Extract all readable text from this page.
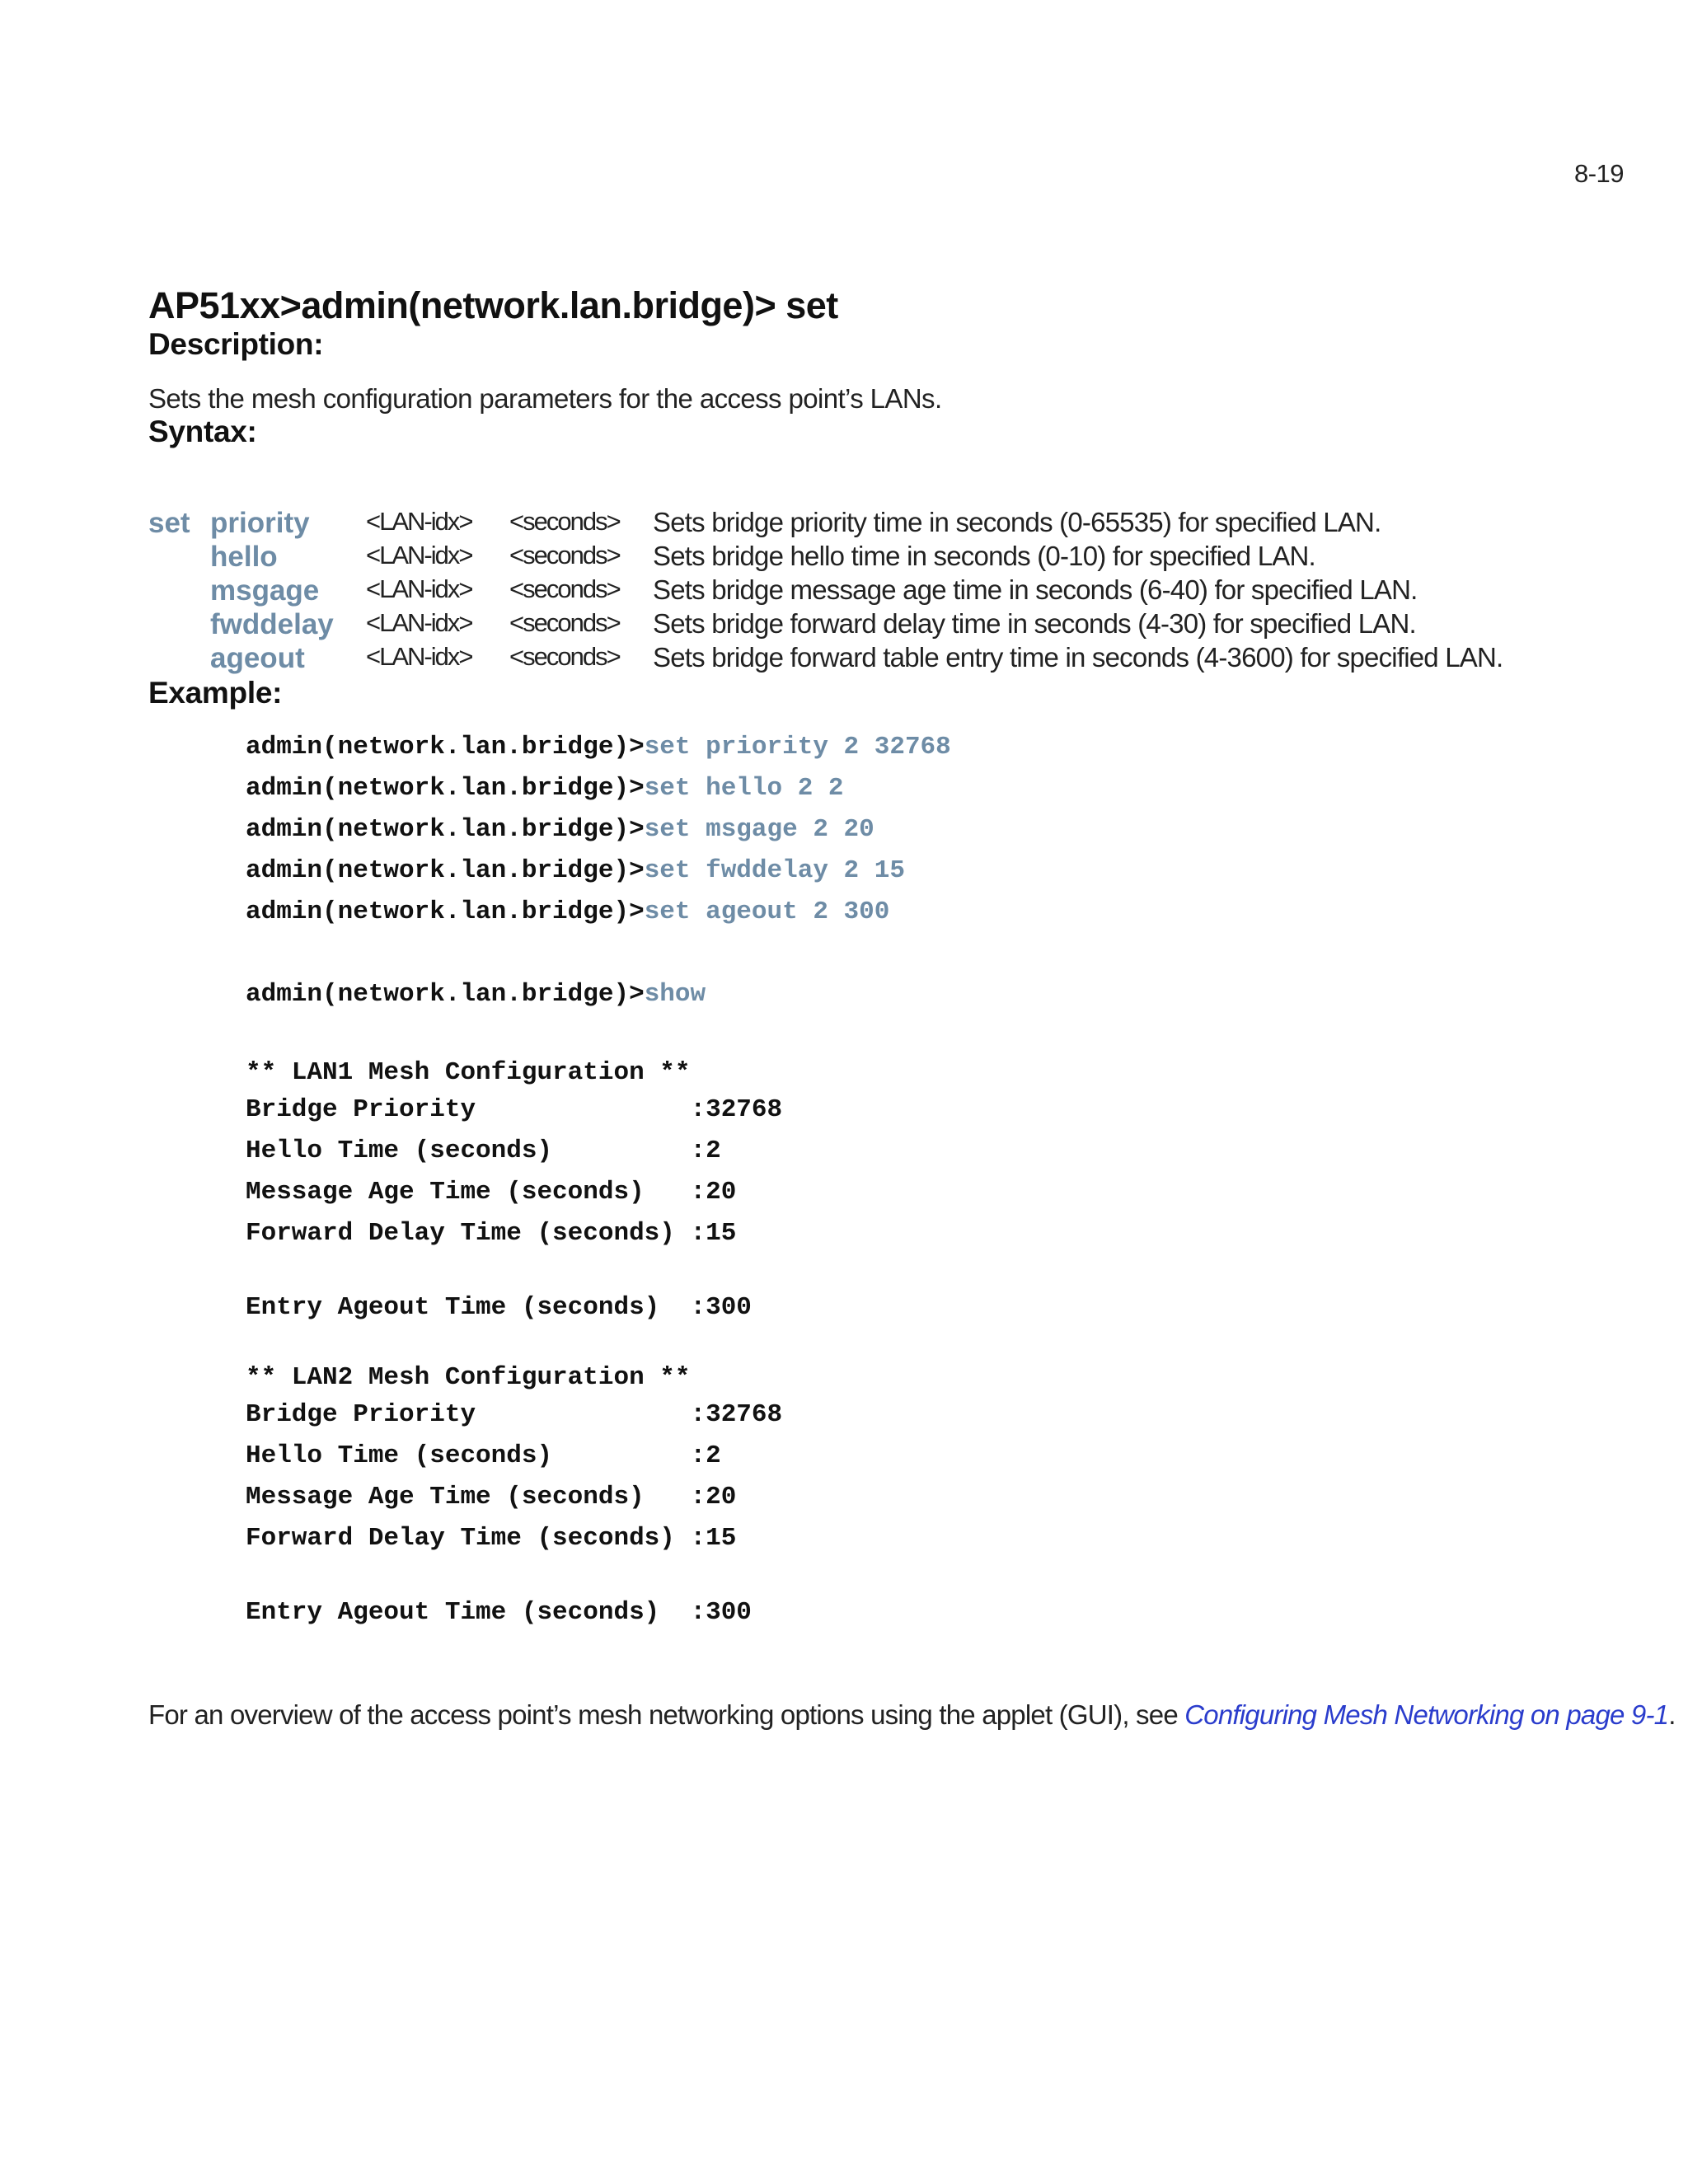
8-19
AP51xx>admin(network.lan.bridge)> set
Description:
Sets the mesh configuration parameters for the access point’s LANs.
Syntax:
set priority <LAN-idx> <seconds> Sets bridge priority time in seconds (0-65535) for specified LAN.
hello	<LAN-idx> <seconds> Sets bridge hello time in seconds (0-10) for specified LAN.
msgage <LAN-idx> <seconds> Sets bridge message age time in seconds (6-40) for specified LAN.
fwddelay <LAN-idx> <seconds> Sets bridge forward delay time in seconds (4-30) for specified LAN.
ageout <LAN-idx> <seconds> Sets bridge forward table entry time in seconds (4-3600) for specified LAN.
Example:
admin(network.lan.bridge)>set priority 2 32768
admin(network.lan.bridge)>set hello 2 2
admin(network.lan.bridge)>set msgage 2 20
admin(network.lan.bridge)>set fwddelay 2 15
admin(network.lan.bridge)>set ageout 2 300
admin(network.lan.bridge)>show
** LAN1 Mesh Configuration **
Bridge Priority              :32768
Hello Time (seconds)         :2
Message Age Time (seconds)   :20
Forward Delay Time (seconds) :15
Entry Ageout Time (seconds)  :300
** LAN2 Mesh Configuration **
Bridge Priority              :32768
Hello Time (seconds)         :2
Message Age Time (seconds)   :20
Forward Delay Time (seconds) :15
Entry Ageout Time (seconds)  :300
For an overview of the access point’s mesh networking options using the applet (GUI), see Configuring Mesh Networking on page 9-1.
